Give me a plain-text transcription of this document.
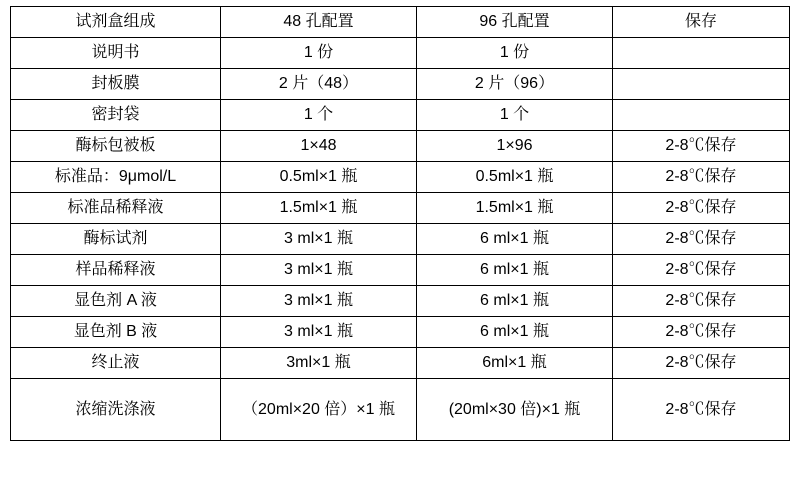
试剂盒组成	48 孔配置	96 孔配置	保存
说明书	1 份	1 份	
封板膜	2 片（48）	2 片（96）	
密封袋	1 个	1 个	
酶标包被板	1×48	1×96	2-8℃保存
标准品：9μmol/L	0.5ml×1 瓶	0.5ml×1 瓶	2-8℃保存
标准品稀释液	1.5ml×1 瓶	1.5ml×1 瓶	2-8℃保存
酶标试剂	3 ml×1 瓶	6 ml×1 瓶	2-8℃保存
样品稀释液	3 ml×1 瓶	6 ml×1 瓶	2-8℃保存
显色剂 A 液	3 ml×1 瓶	6 ml×1 瓶	2-8℃保存
显色剂 B 液	3 ml×1 瓶	6 ml×1 瓶	2-8℃保存
终止液	3ml×1 瓶	6ml×1 瓶	2-8℃保存
浓缩洗涤液	（20ml×20 倍）×1 瓶	(20ml×30 倍)×1 瓶	2-8℃保存
